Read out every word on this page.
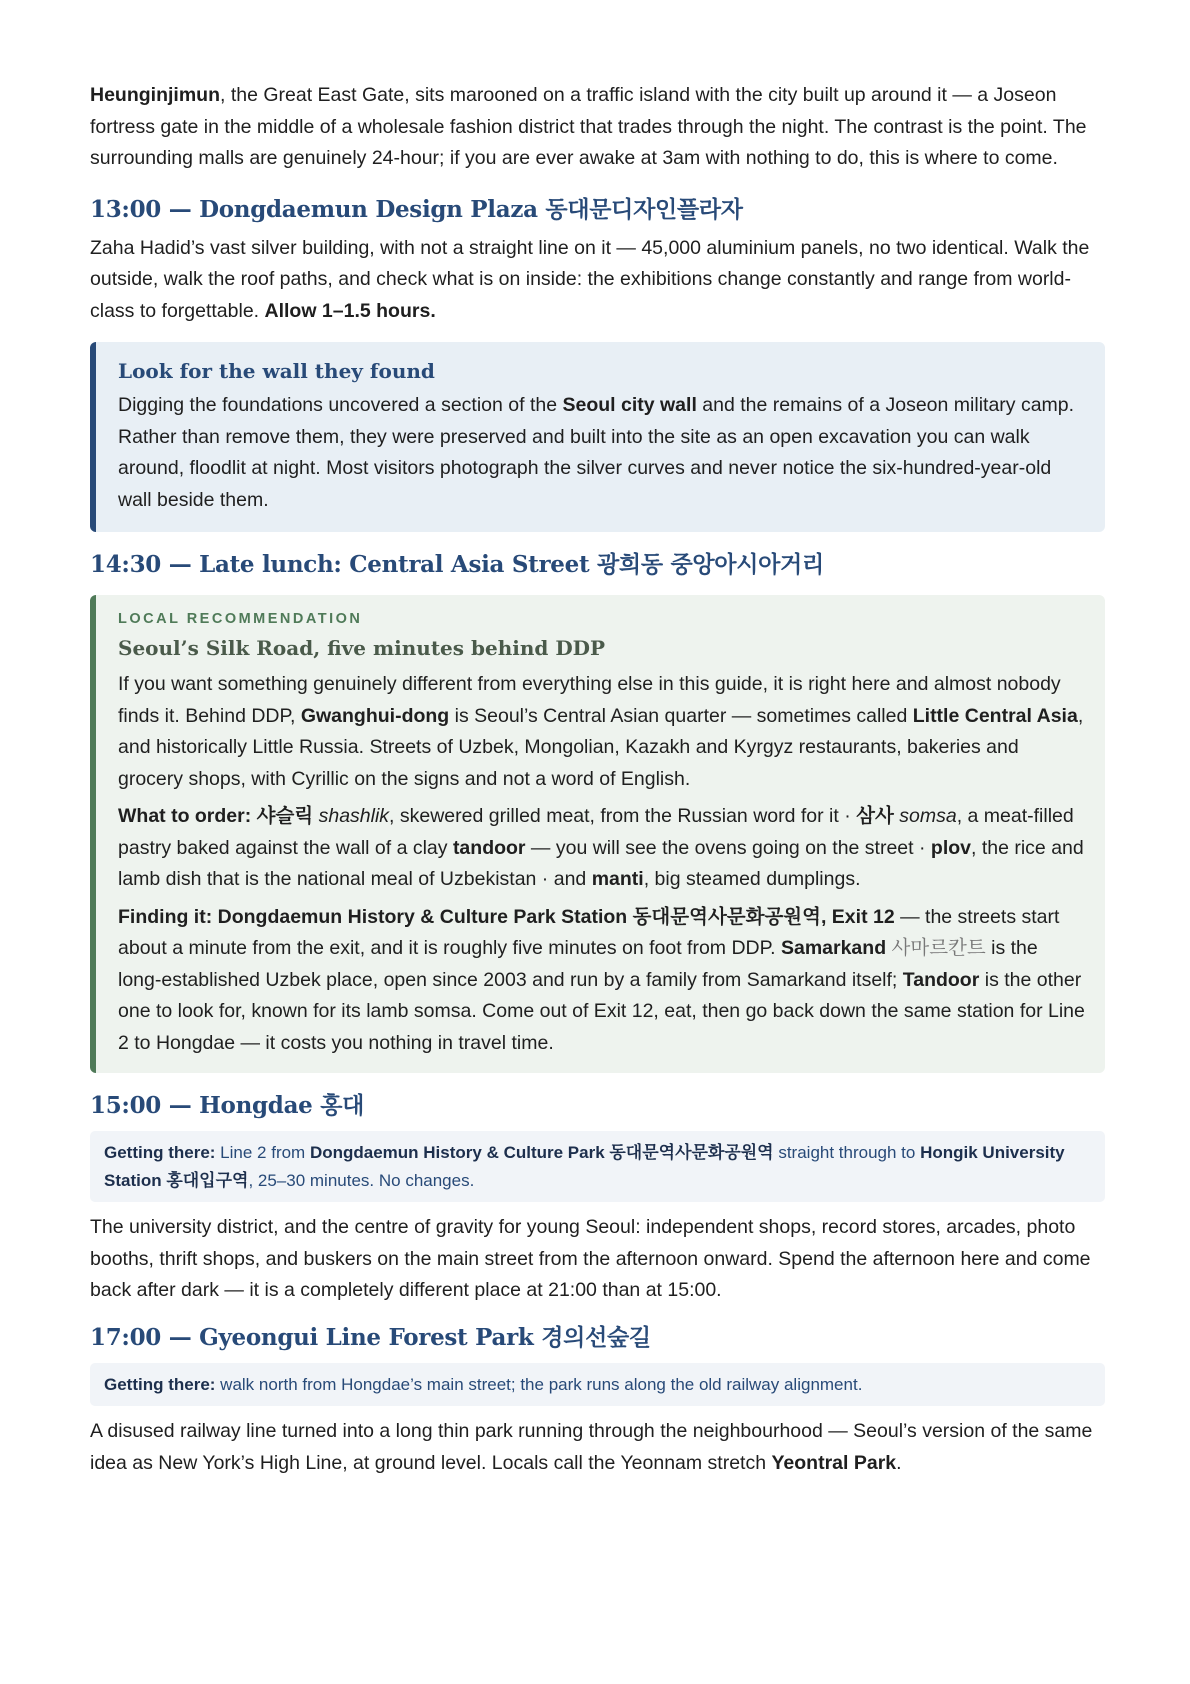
Heunginjimun, the Great East Gate, sits marooned on a traffic island with the city built up around it — a Joseon fortress gate in the middle of a wholesale fashion district that trades through the night. The contrast is the point. The surrounding malls are genuinely 24-hour; if you are ever awake at 3am with nothing to do, this is where to come.

13:00 — Dongdaemun Design Plaza 동대문디자인플라자

Zaha Hadid’s vast silver building, with not a straight line on it — 45,000 aluminium panels, no two identical. Walk the outside, walk the roof paths, and check what is on inside: the exhibitions change constantly and range from world-class to forgettable. Allow 1–1.5 hours.

Look for the wall they found

Digging the foundations uncovered a section of the Seoul city wall and the remains of a Joseon military camp. Rather than remove them, they were preserved and built into the site as an open excavation you can walk around, floodlit at night. Most visitors photograph the silver curves and never notice the six-hundred-year-old wall beside them.

14:30 — Late lunch: Central Asia Street 광희동 중앙아시아거리
LOCAL RECOMMENDATION
Seoul’s Silk Road, five minutes behind DDP

If you want something genuinely different from everything else in this guide, it is right here and almost nobody finds it. Behind DDP, Gwanghui-dong is Seoul’s Central Asian quarter — sometimes called Little Central Asia, and historically Little Russia. Streets of Uzbek, Mongolian, Kazakh and Kyrgyz restaurants, bakeries and grocery shops, with Cyrillic on the signs and not a word of English.

What to order: 샤슬릭 shashlik, skewered grilled meat, from the Russian word for it · 삼사 somsa, a meat-filled pastry baked against the wall of a clay tandoor — you will see the ovens going on the street · plov, the rice and lamb dish that is the national meal of Uzbekistan · and manti, big steamed dumplings.

Finding it: Dongdaemun History & Culture Park Station 동대문역사문화공원역, Exit 12 — the streets start about a minute from the exit, and it is roughly five minutes on foot from DDP. Samarkand 사마르칸트 is the long-established Uzbek place, open since 2003 and run by a family from Samarkand itself; Tandoor is the other one to look for, known for its lamb somsa. Come out of Exit 12, eat, then go back down the same station for Line 2 to Hongdae — it costs you nothing in travel time.

15:00 — Hongdae 홍대
Getting there: Line 2 from Dongdaemun History & Culture Park 동대문역사문화공원역 straight through to Hongik University Station 홍대입구역, 25–30 minutes. No changes.

The university district, and the centre of gravity for young Seoul: independent shops, record stores, arcades, photo booths, thrift shops, and buskers on the main street from the afternoon onward. Spend the afternoon here and come back after dark — it is a completely different place at 21:00 than at 15:00.

17:00 — Gyeongui Line Forest Park 경의선숲길
Getting there: walk north from Hongdae’s main street; the park runs along the old railway alignment.

A disused railway line turned into a long thin park running through the neighbourhood — Seoul’s version of the same idea as New York’s High Line, at ground level. Locals call the Yeonnam stretch Yeontral Park.
